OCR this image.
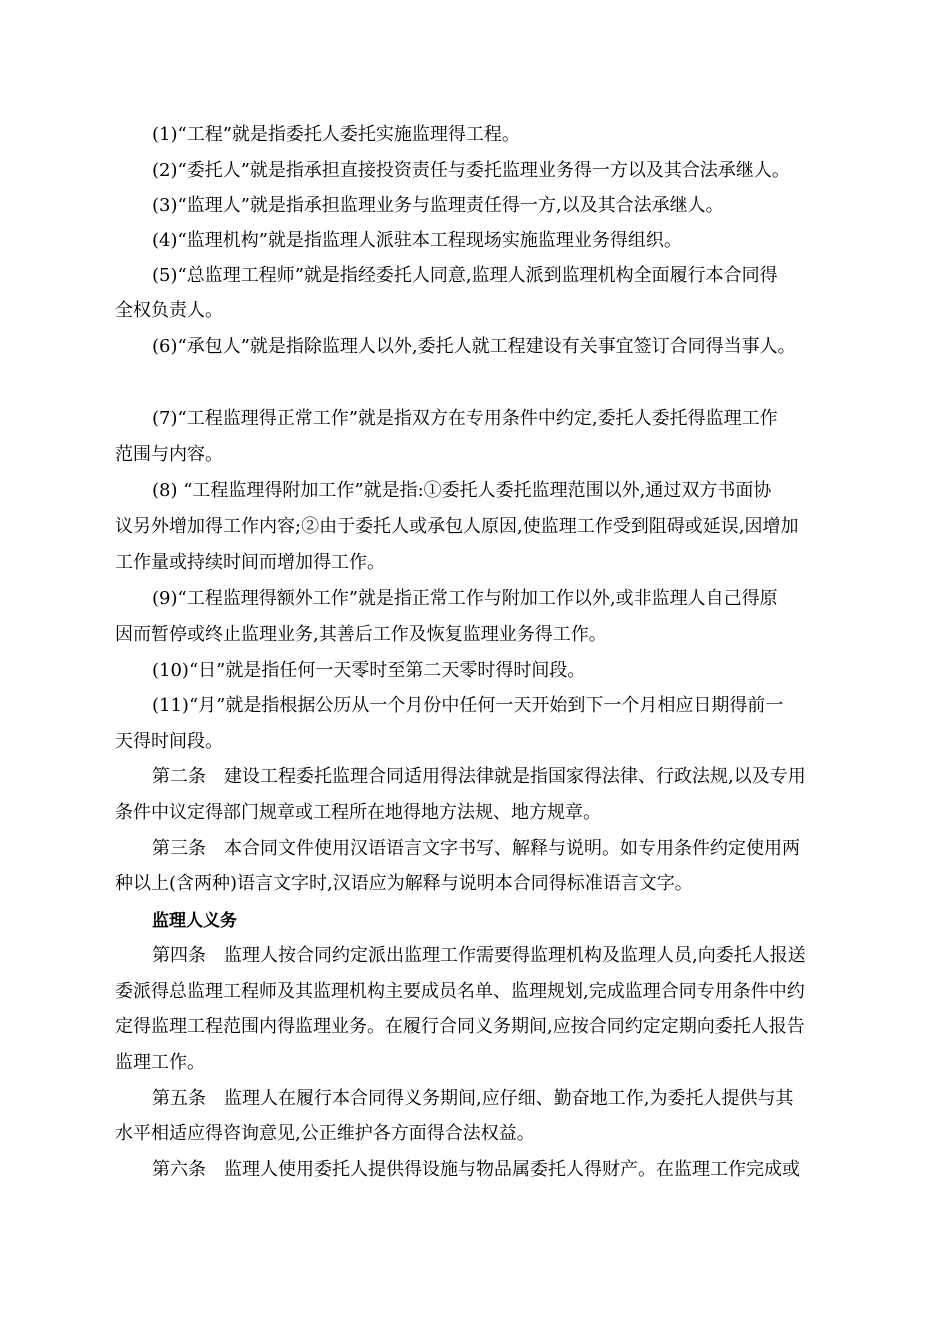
(1)“工程”就是指委托人委托实施监理得工程。
(2)“委托人”就是指承担直接投资责任与委托监理业务得一方以及其合法承继人。
(3)“监理人”就是指承担监理业务与监理责任得一方,以及其合法承继人。
(4)“监理机构”就是指监理人派驻本工程现场实施监理业务得组织。
(5)“总监理工程师”就是指经委托人同意,监理人派到监理机构全面履行本合同得
全权负责人。
(6)“承包人”就是指除监理人以外,委托人就工程建设有关事宜签订合同得当事人。
(7)“工程监理得正常工作”就是指双方在专用条件中约定,委托人委托得监理工作
范围与内容。
(8) “工程监理得附加工作”就是指:①委托人委托监理范围以外,通过双方书面协
议另外增加得工作内容;②由于委托人或承包人原因,使监理工作受到阻碍或延误,因增加
工作量或持续时间而增加得工作。
(9)“工程监理得额外工作”就是指正常工作与附加工作以外,或非监理人自己得原
因而暂停或终止监理业务,其善后工作及恢复监理业务得工作。
(10)“日”就是指任何一天零时至第二天零时得时间段。
(11)“月”就是指根据公历从一个月份中任何一天开始到下一个月相应日期得前一
天得时间段。
第二条　建设工程委托监理合同适用得法律就是指国家得法律、行政法规,以及专用
条件中议定得部门规章或工程所在地得地方法规、地方规章。
第三条　本合同文件使用汉语语言文字书写、解释与说明。如专用条件约定使用两
种以上(含两种)语言文字时,汉语应为解释与说明本合同得标准语言文字。
监理人义务
第四条　监理人按合同约定派出监理工作需要得监理机构及监理人员,向委托人报送
委派得总监理工程师及其监理机构主要成员名单、监理规划,完成监理合同专用条件中约
定得监理工程范围内得监理业务。在履行合同义务期间,应按合同约定定期向委托人报告
监理工作。
第五条　监理人在履行本合同得义务期间,应仔细、勤奋地工作,为委托人提供与其
水平相适应得咨询意见,公正维护各方面得合法权益。
第六条　监理人使用委托人提供得设施与物品属委托人得财产。在监理工作完成或
